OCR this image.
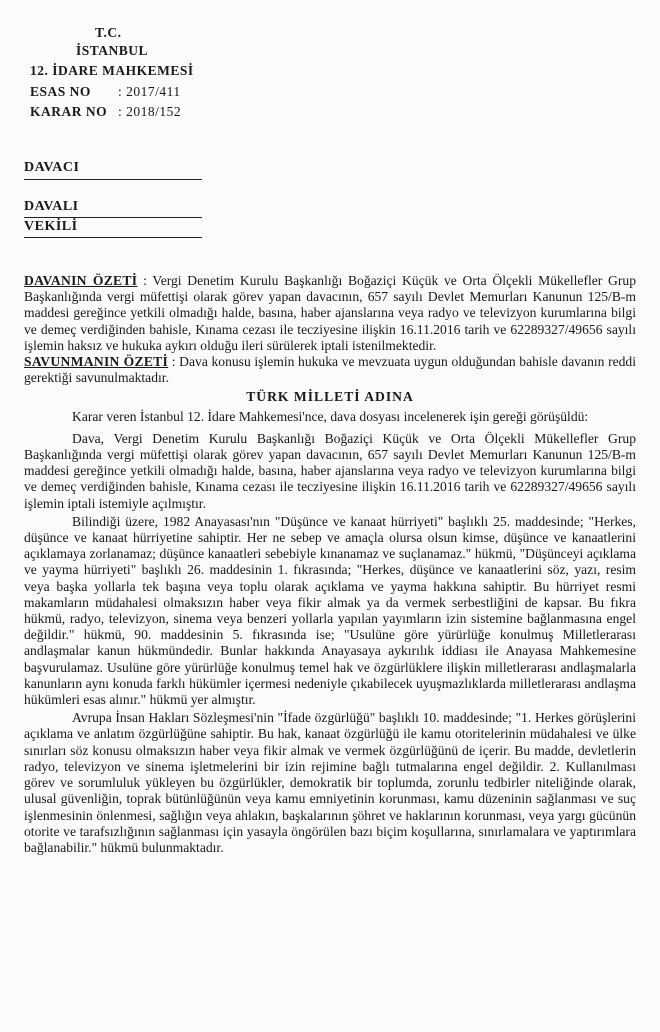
T.C.
İSTANBUL
12. İDARE MAHKEMESİ
ESAS NO : 2017/411
KARAR NO : 2018/152
DAVACI
DAVALI
VEKİLİ

DAVANIN ÖZETİ : Vergi Denetim Kurulu Başkanlığı Boğaziçi Küçük ve Orta Ölçekli Mükellefler Grup Başkanlığında vergi müfettişi olarak görev yapan davacının, 657 sayılı Devlet Memurları Kanunun 125/B-m maddesi gereğince yetkili olmadığı halde, basına, haber ajanslarına veya radyo ve televizyon kurumlarına bilgi ve demeç verdiğinden bahisle, Kınama cezası ile tecziyesine ilişkin 16.11.2016 tarih ve 62289327/49656 sayılı işlemin haksız ve hukuka aykırı olduğu ileri sürülerek iptali istenilmektedir.

SAVUNMANIN ÖZETİ : Dava konusu işlemin hukuka ve mevzuata uygun olduğundan bahisle davanın reddi gerektiği savunulmaktadır.

TÜRK MİLLETİ ADINA

Karar veren İstanbul 12. İdare Mahkemesi'nce, dava dosyası incelenerek işin gereği görüşüldü:

Dava, Vergi Denetim Kurulu Başkanlığı Boğaziçi Küçük ve Orta Ölçekli Mükellefler Grup Başkanlığında vergi müfettişi olarak görev yapan davacının, 657 sayılı Devlet Memurları Kanunun 125/B-m maddesi gereğince yetkili olmadığı halde, basına, haber ajanslarına veya radyo ve televizyon kurumlarına bilgi ve demeç verdiğinden bahisle, Kınama cezası ile tecziyesine ilişkin 16.11.2016 tarih ve 62289327/49656 sayılı işlemin iptali istemiyle açılmıştır.

Bilindiği üzere, 1982 Anayasası'nın "Düşünce ve kanaat hürriyeti" başlıklı 25. maddesinde; "Herkes, düşünce ve kanaat hürriyetine sahiptir. Her ne sebep ve amaçla olursa olsun kimse, düşünce ve kanaatlerini açıklamaya zorlanamaz; düşünce kanaatleri sebebiyle kınanamaz ve suçlanamaz." hükmü, "Düşünceyi açıklama ve yayma hürriyeti" başlıklı 26. maddesinin 1. fıkrasında; "Herkes, düşünce ve kanaatlerini söz, yazı, resim veya başka yollarla tek başına veya toplu olarak açıklama ve yayma hakkına sahiptir. Bu hürriyet resmi makamların müdahalesi olmaksızın haber veya fikir almak ya da vermek serbestliğini de kapsar. Bu fıkra hükmü, radyo, televizyon, sinema veya benzeri yollarla yapılan yayımların izin sistemine bağlanmasına engel değildir." hükmü, 90. maddesinin 5. fıkrasında ise; "Usulüne göre yürürlüğe konulmuş Milletlerarası andlaşmalar kanun hükmündedir. Bunlar hakkında Anayasaya aykırılık iddiası ile Anayasa Mahkemesine başvurulamaz. Usulüne göre yürürlüğe konulmuş temel hak ve özgürlüklere ilişkin milletlerarası andlaşmalarla kanunların aynı konuda farklı hükümler içermesi nedeniyle çıkabilecek uyuşmazlıklarda milletlerarası andlaşma hükümleri esas alınır." hükmü yer almıştır.

Avrupa İnsan Hakları Sözleşmesi'nin "İfade özgürlüğü" başlıklı 10. maddesinde; "1. Herkes görüşlerini açıklama ve anlatım özgürlüğüne sahiptir. Bu hak, kanaat özgürlüğü ile kamu otoritelerinin müdahalesi ve ülke sınırları söz konusu olmaksızın haber veya fikir almak ve vermek özgürlüğünü de içerir. Bu madde, devletlerin radyo, televizyon ve sinema işletmelerini bir izin rejimine bağlı tutmalarına engel değildir. 2. Kullanılması görev ve sorumluluk yükleyen bu özgürlükler, demokratik bir toplumda, zorunlu tedbirler niteliğinde olarak, ulusal güvenliğin, toprak bütünlüğünün veya kamu emniyetinin korunması, kamu düzeninin sağlanması ve suç işlenmesinin önlenmesi, sağlığın veya ahlakın, başkalarının şöhret ve haklarının korunması, veya yargı gücünün otorite ve tarafsızlığının sağlanması için yasayla öngörülen bazı biçim koşullarına, sınırlamalara ve yaptırımlara bağlanabilir." hükmü bulunmaktadır.
